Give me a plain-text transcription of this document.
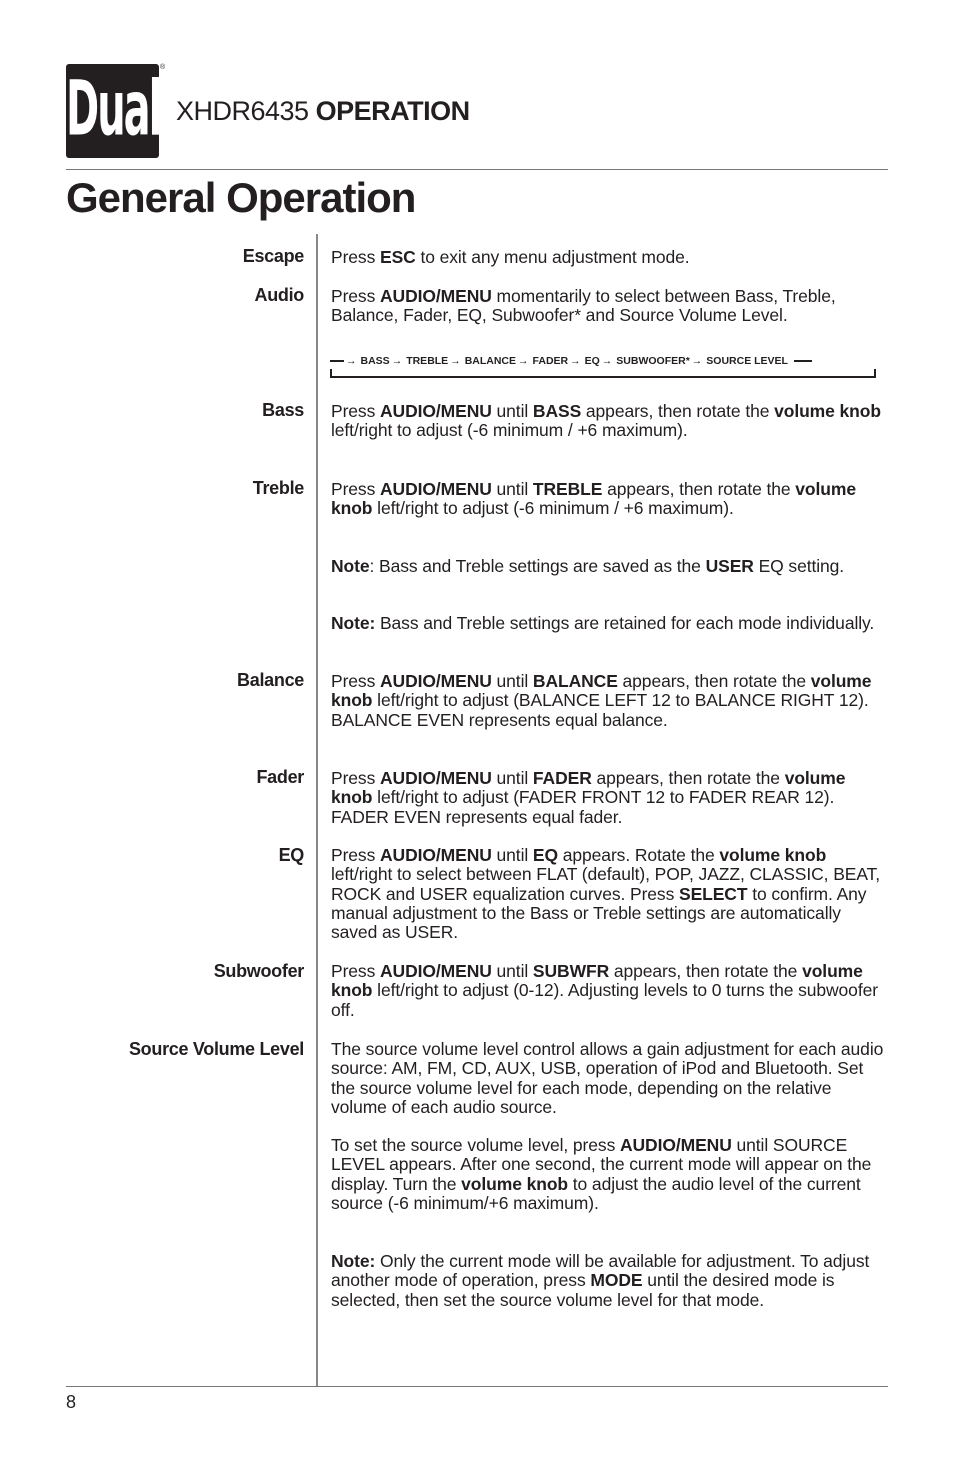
Dual ®
XHDR6435 OPERATION
General Operation
Escape
Audio
Bass
Treble
Balance
Fader
EQ
Subwoofer
Source Volume Level

Press ESC to exit any menu adjustment mode.

Press AUDIO/MENU momentarily to select between Bass, Treble, Balance, Fader, EQ, Subwoofer* and Source Volume Level.

→ BASS → TREBLE → BALANCE → FADER → EQ → SUBWOOFER* → SOURCE LEVEL

Press AUDIO/MENU until BASS appears, then rotate the volume knob left/right to adjust (-6 minimum / +6 maximum).

Press AUDIO/MENU until TREBLE appears, then rotate the volume knob left/right to adjust (-6 minimum / +6 maximum).

Note: Bass and Treble settings are saved as the USER EQ setting.

Note: Bass and Treble settings are retained for each mode individually.

Press AUDIO/MENU until BALANCE appears, then rotate the volume knob left/right to adjust (BALANCE LEFT 12 to BALANCE RIGHT 12). BALANCE EVEN represents equal balance.

Press AUDIO/MENU until FADER appears, then rotate the volume knob left/right to adjust (FADER FRONT 12 to FADER REAR 12). FADER EVEN represents equal fader.

Press AUDIO/MENU until EQ appears. Rotate the volume knob left/right to select between FLAT (default), POP, JAZZ, CLASSIC, BEAT, ROCK and USER equalization curves. Press SELECT to confirm. Any manual adjustment to the Bass or Treble settings are automatically saved as USER.

Press AUDIO/MENU until SUBWFR appears, then rotate the volume knob left/right to adjust (0-12). Adjusting levels to 0 turns the subwoofer off.

The source volume level control allows a gain adjustment for each audio source: AM, FM, CD, AUX, USB, operation of iPod and Bluetooth. Set the source volume level for each mode, depending on the relative volume of each audio source.

To set the source volume level, press AUDIO/MENU until SOURCE LEVEL appears. After one second, the current mode will appear on the display. Turn the volume knob to adjust the audio level of the current source (-6 minimum/+6 maximum).

Note: Only the current mode will be available for adjustment. To adjust another mode of operation, press MODE until the desired mode is selected, then set the source volume level for that mode.

8
